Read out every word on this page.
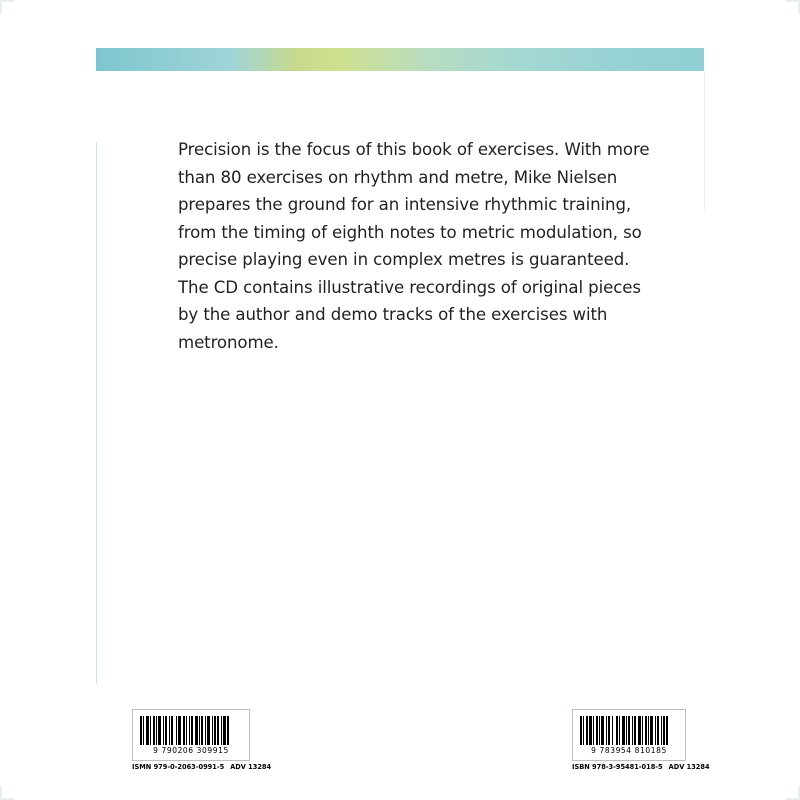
Precision is the focus of this book of exercises. With more than 80 exercises on rhythm and metre, Mike Nielsen prepares the ground for an intensive rhythmic training, from the timing of eighth notes to metric modulation, so precise playing even in complex metres is guaranteed.

The CD contains illustrative recordings of original pieces by the author and demo tracks of the exercises with metronome.

9 790206 309915
ISMN 979-0-2063-0991-5 ADV 13284
9 783954 810185
ISBN 978-3-95481-018-5 ADV 13284
